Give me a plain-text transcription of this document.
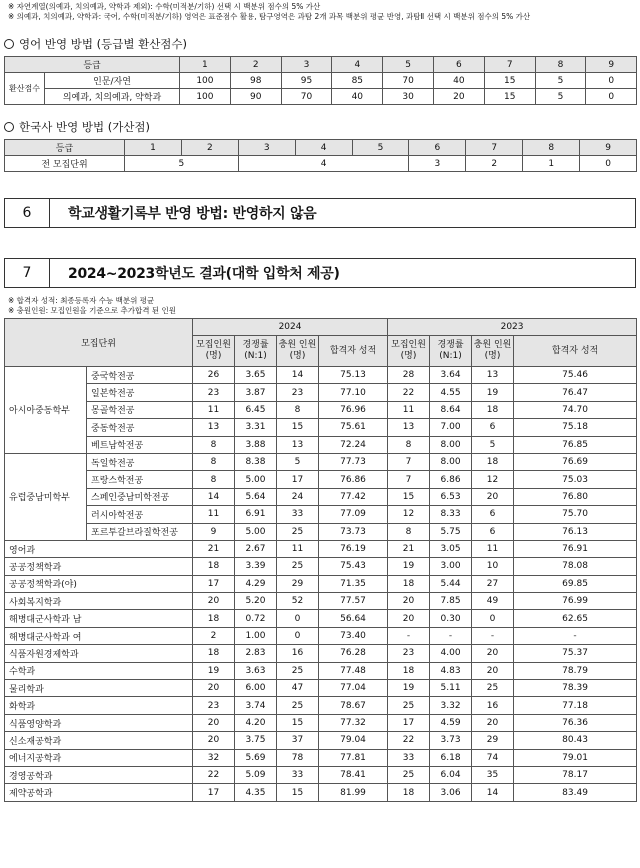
※ 자연계열(의예과, 치의예과, 약학과 제외): 수학(미적분/기하) 선택 시 백분위 점수의 5% 가산
※ 의예과, 치의예과, 약학과: 국어, 수학(미적분/기하) 영역은 표준점수 활용, 탐구영역은 과탐 2개 과목 백분위 평균 반영, 과탐Ⅱ 선택 시 백분위 점수의 5% 가산
영어 반영 방법 (등급별 환산점수)
등급		1	2	3	4	5	6	7	8	9
환산점수	인문/자연	100	98	95	85	70	40	15	5	0
	의예과, 치의예과, 약학과	100	90	70	40	30	20	15	5	0
한국사 반영 방법 (가산점)
등급	1	2	3	4	5	6	7	8	9
전 모집단위	5		4			3	2	1	0
6	학교생활기록부 반영 방법: 반영하지 않음
7	2024~2023학년도 결과(대학 입학처 제공)
※ 합격자 성적: 최종등록자 수능 백분위 평균
※ 충원인원: 모집인원을 기준으로 추가합격 된 인원
모집단위		2024				2023			
		모집인원 (명)	경쟁률 (N:1)	충원 인원(명)	합격자 성적	모집인원 (명)	경쟁률 (N:1)	충원 인원(명)	합격자 성적
아시아중동학부	중국학전공	26	3.65	14	75.13	28	3.64	13	75.46
	일본학전공	23	3.87	23	77.10	22	4.55	19	76.47
	몽골학전공	11	6.45	8	76.96	11	8.64	18	74.70
	중동학전공	13	3.31	15	75.61	13	7.00	6	75.18
	베트남학전공	8	3.88	13	72.24	8	8.00	5	76.85
유럽중남미학부	독일학전공	8	8.38	5	77.73	7	8.00	18	76.69
	프랑스학전공	8	5.00	17	76.86	7	6.86	12	75.03
	스페인중남미학전공	14	5.64	24	77.42	15	6.53	20	76.80
	러시아학전공	11	6.91	33	77.09	12	8.33	6	75.70
	포르투갈브라질학전공	9	5.00	25	73.73	8	5.75	6	76.13
영어과		21	2.67	11	76.19	21	3.05	11	76.91
공공정책학과		18	3.39	25	75.43	19	3.00	10	78.08
공공정책학과(야)		17	4.29	29	71.35	18	5.44	27	69.85
사회복지학과		20	5.20	52	77.57	20	7.85	49	76.99
해병대군사학과 남		18	0.72	0	56.64	20	0.30	0	62.65
해병대군사학과 여		2	1.00	0	73.40	-	-	-	-
식품자원경제학과		18	2.83	16	76.28	23	4.00	20	75.37
수학과		19	3.63	25	77.48	18	4.83	20	78.79
물리학과		20	6.00	47	77.04	19	5.11	25	78.39
화학과		23	3.74	25	78.67	25	3.32	16	77.18
식품영양학과		20	4.20	15	77.32	17	4.59	20	76.36
신소재공학과		20	3.75	37	79.04	22	3.73	29	80.43
에너지공학과		32	5.69	78	77.81	33	6.18	74	79.01
경영공학과		22	5.09	33	78.41	25	6.04	35	78.17
제약공학과		17	4.35	15	81.99	18	3.06	14	83.49
